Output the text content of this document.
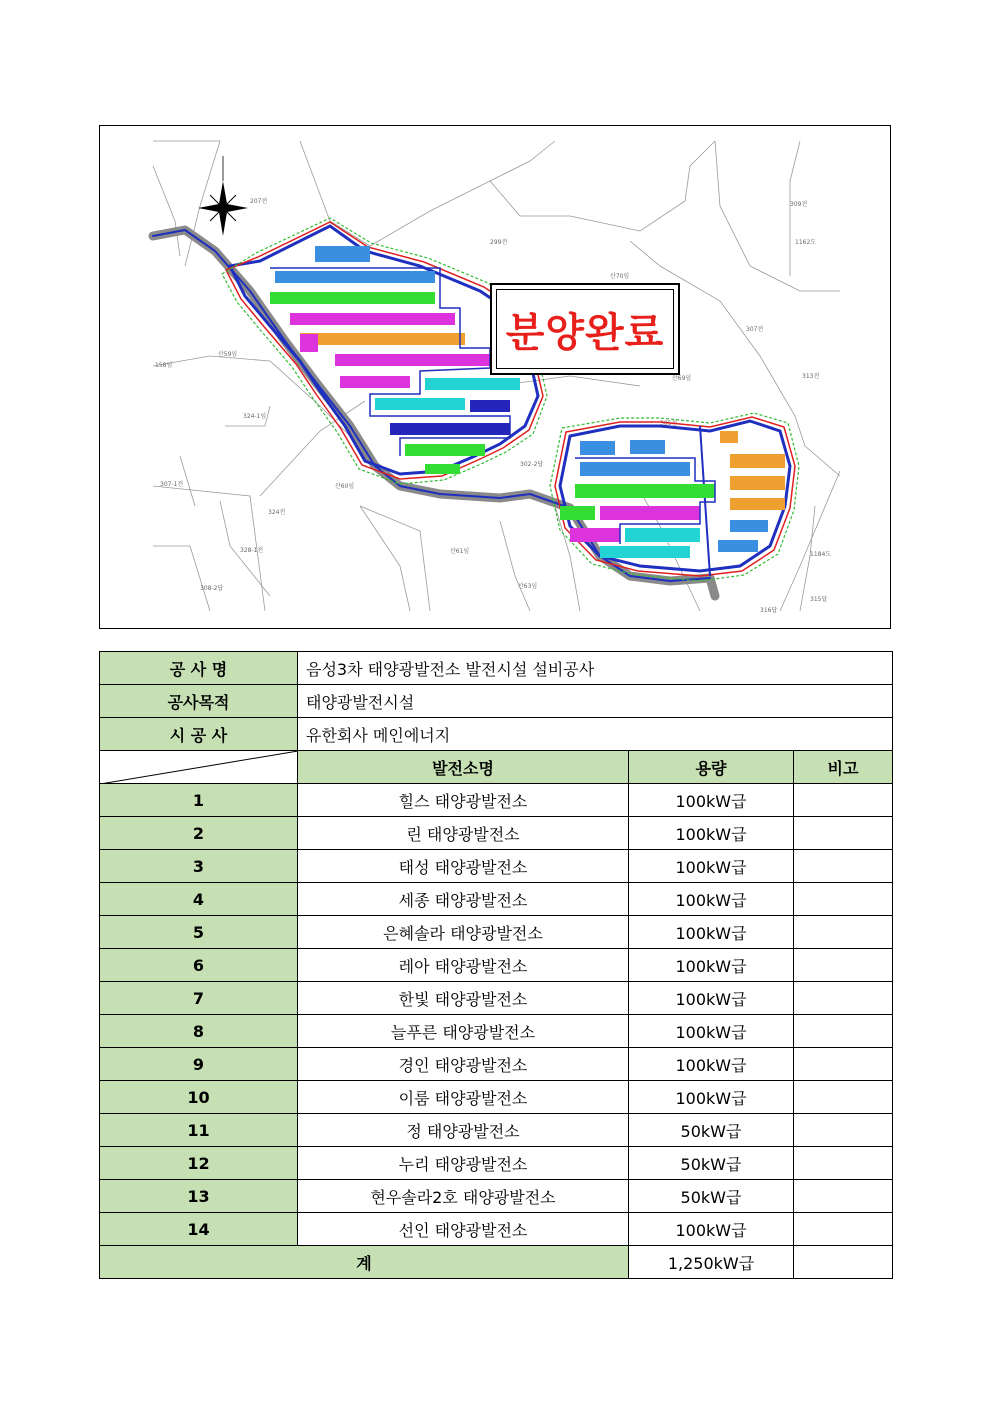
207전
299전
309전
1162도
307전
313전
산59임
158임
324-1임
307-1전
324전
328-1전
308-2답
산60임
산61임
산63임
302-2답
305전
315답
316답
산69임
산70임
1184도
분양완료
공 사 명	음성3차 태양광발전소 발전시설 설비공사		
공사목적	태양광발전시설		
시 공 사	유한회사 메인에너지		

	발전소명	용량	비고
1	힐스 태양광발전소	100kW급	
2	린 태양광발전소	100kW급	
3	태성 태양광발전소	100kW급	
4	세종 태양광발전소	100kW급	
5	은혜솔라 태양광발전소	100kW급	
6	레아 태양광발전소	100kW급	
7	한빛 태양광발전소	100kW급	
8	늘푸른 태양광발전소	100kW급	
9	경인 태양광발전소	100kW급	
10	이룸 태양광발전소	100kW급	
11	정 태양광발전소	50kW급	
12	누리 태양광발전소	50kW급	
13	현우솔라2호 태양광발전소	50kW급	
14	선인 태양광발전소	100kW급	
계		1,250kW급	
